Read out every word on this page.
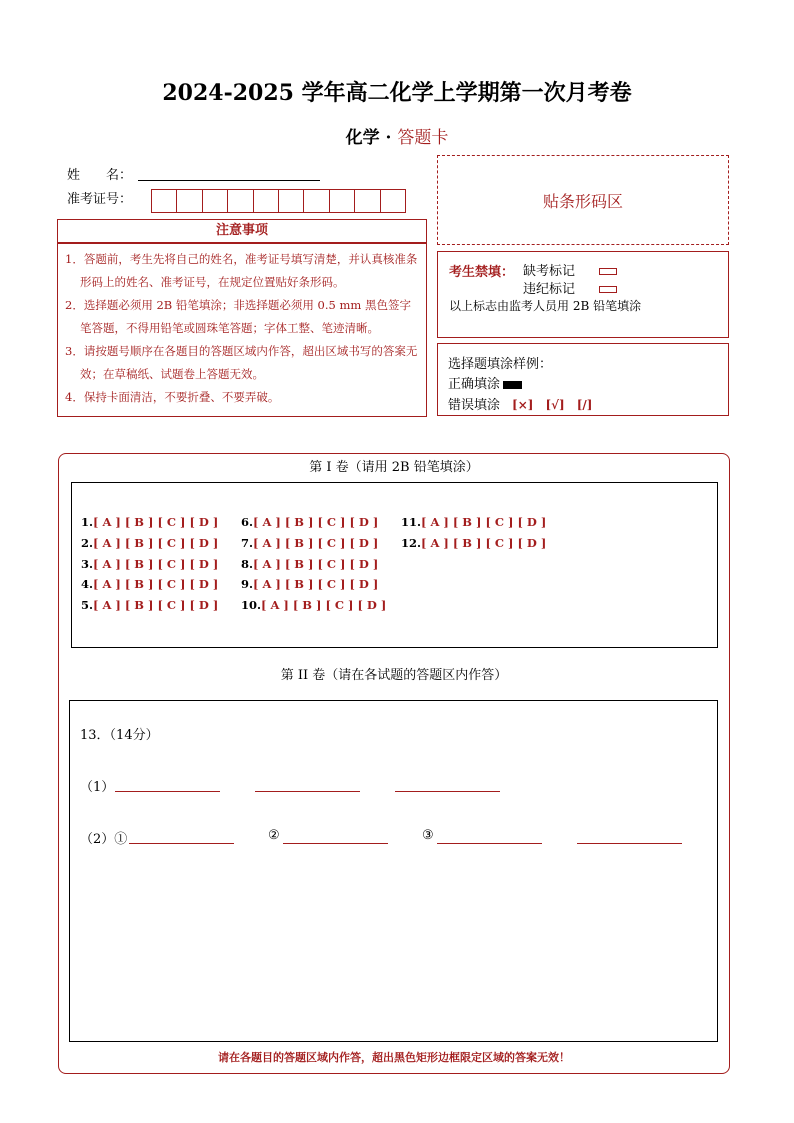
2024-2025 学年高二化学上学期第一次月考卷
化学 · 答题卡
姓　　名：
准考证号：	贴条形码区
注意事项
1．答题前，考生先将自己的姓名，准考证号填写清楚，并认真核准条形码上的姓名、准考证号，在规定位置贴好条形码。
2．选择题必须用 2B 铅笔填涂；非选择题必须用 0.5 mm 黑色签字笔答题，不得用铅笔或圆珠笔答题；字体工整、笔迹清晰。
3．请按题号顺序在各题目的答题区域内作答，超出区域书写的答案无效；在草稿纸、试题卷上答题无效。
4．保持卡面清洁，不要折叠、不要弄破。
考生禁填： 缺考标记
违纪标记
以上标志由监考人员用 2B 铅笔填涂
选择题填涂样例：
正确填涂
错误填涂 [×] [√] [/]
第 I 卷（请用 2B 铅笔填涂）
1.[ A ] [ B ] [ C ] [ D ]
2.[ A ] [ B ] [ C ] [ D ]
3.[ A ] [ B ] [ C ] [ D ]
4.[ A ] [ B ] [ C ] [ D ]
5.[ A ] [ B ] [ C ] [ D ]
6.[ A ] [ B ] [ C ] [ D ]
7.[ A ] [ B ] [ C ] [ D ]
8.[ A ] [ B ] [ C ] [ D ]
9.[ A ] [ B ] [ C ] [ D ]
10.[ A ] [ B ] [ C ] [ D ]
11.[ A ] [ B ] [ C ] [ D ]
12.[ A ] [ B ] [ C ] [ D ]
第 II 卷（请在各试题的答题区内作答）
13．（14分）
（1）
（2）①	②	③
请在各题目的答题区域内作答，超出黑色矩形边框限定区域的答案无效！
